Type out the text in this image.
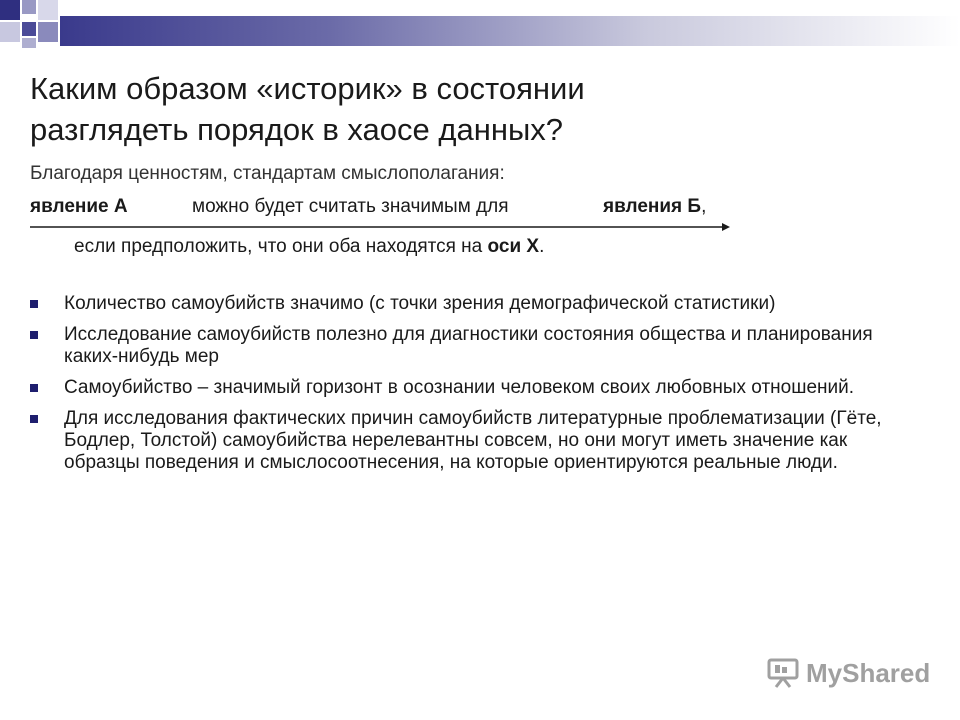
Каким образом «историк» в состоянии
разглядеть порядок в хаосе данных?
Благодаря ценностям, стандартам смыслополагания:
явление А	можно будет считать значимым для	явления Б,
если предположить, что они оба находятся на оси Х.
Количество самоубийств значимо (с точки зрения демографической статистики)
Исследование самоубийств полезно для диагностики состояния общества и планирования каких-нибудь мер
Самоубийство – значимый горизонт в осознании человеком своих любовных отношений.
Для исследования фактических причин самоубийств литературные проблематизации (Гёте, Бодлер, Толстой) самоубийства нерелевантны совсем, но они могут иметь значение как образцы поведения и смыслосоотнесения, на которые ориентируются реальные люди.
MyShared
